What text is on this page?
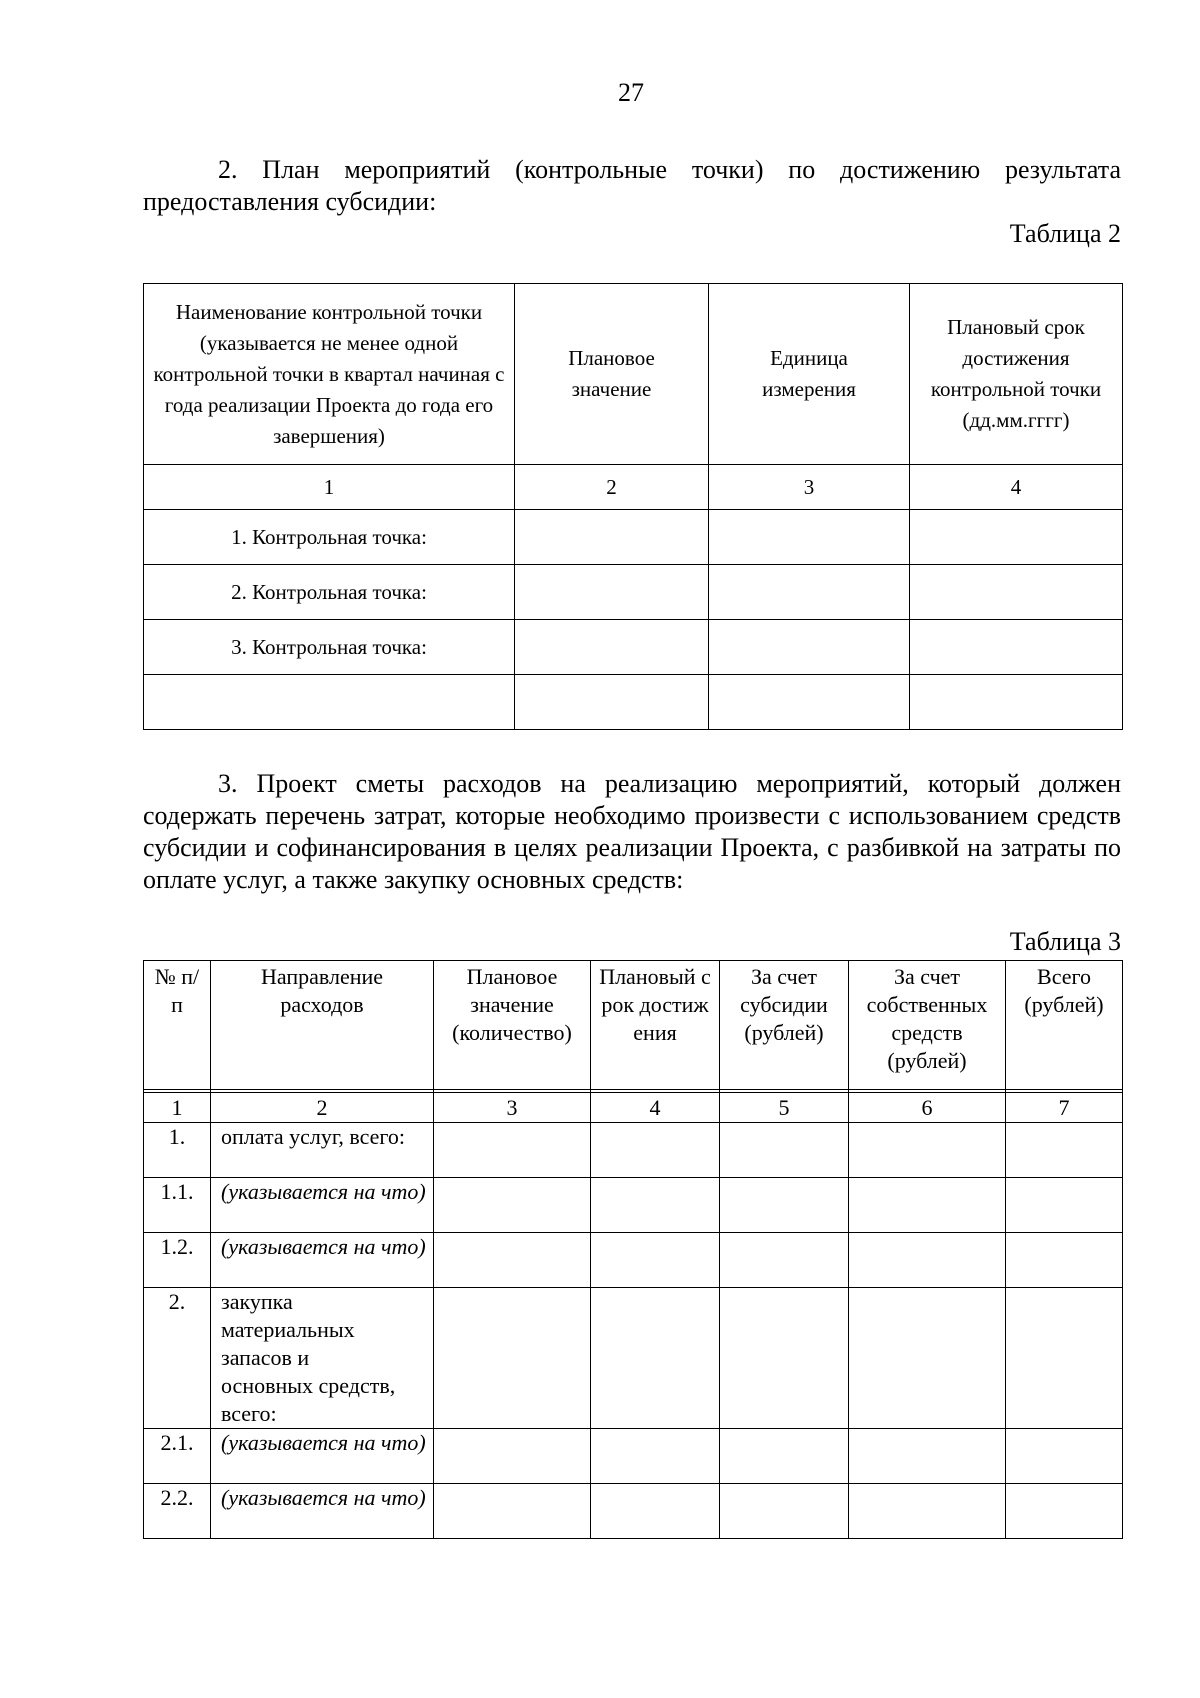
27

2. План мероприятий (контрольные точки) по достижению результата предоставления субсидии:

Таблица 2
Наименование контрольной точки (указывается не менее одной контрольной точки в квартал начиная с года реализации Проекта до года его завершения)	Плановое значение	Единица измерения	Плановый срок достижения контрольной точки (дд.мм.гггг)
1	2	3	4
1. Контрольная точка:			
2. Контрольная точка:			
3. Контрольная точка:			

3. Проект сметы расходов на реализацию мероприятий, который должен содержать перечень затрат, которые необходимо произвести с использованием средств субсидии и софинансирования в целях реализации Проекта, с разбивкой на затраты по оплате услуг, а также закупку основных средств:

Таблица 3
№ п/п	Направление расходов	Плановое значение (количество)	Плановый срок достижения	За счет субсидии (рублей)	За счет собственных средств (рублей)	Всего (рублей)

1	2	3	4	5	6	7
1.	оплата услуг, всего:					
1.1.	(указывается на что)					
1.2.	(указывается на что)					
2.	закупка материальных запасов и основных средств, всего:					
2.1.	(указывается на что)					
2.2.	(указывается на что)					
